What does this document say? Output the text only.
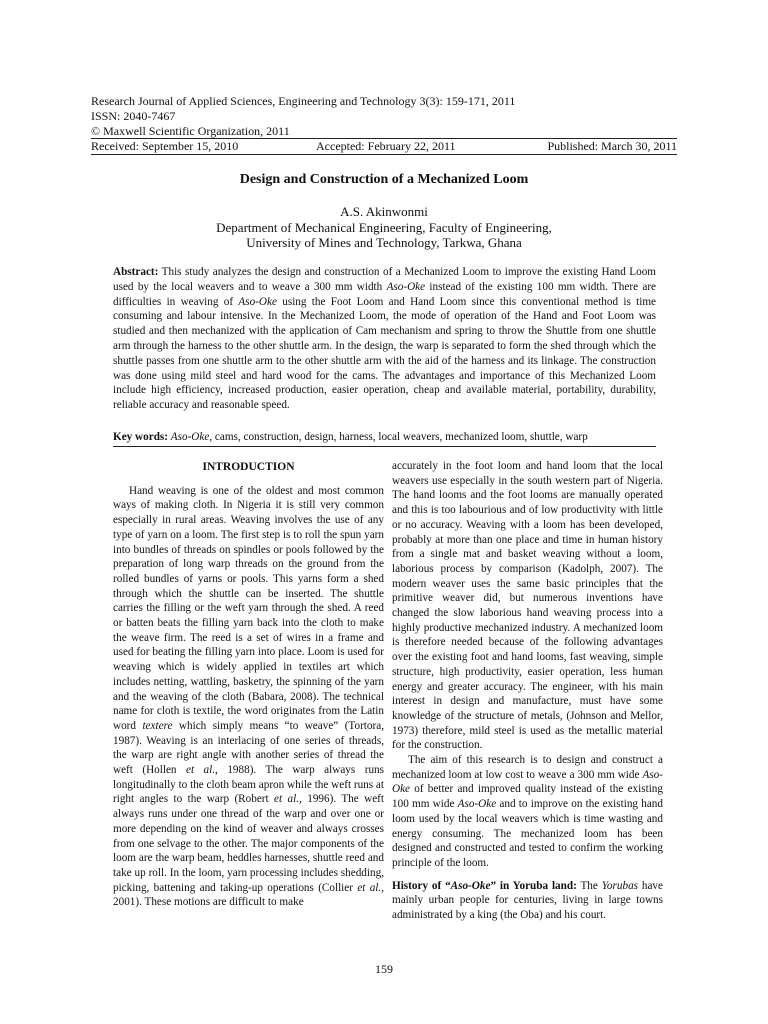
Research Journal of Applied Sciences, Engineering and Technology 3(3): 159-171, 2011
ISSN: 2040-7467
© Maxwell Scientific Organization, 2011
Received: September 15, 2010	Accepted: February 22, 2011	Published: March 30, 2011
Design and Construction of a Mechanized Loom
A.S. Akinwonmi
Department of Mechanical Engineering, Faculty of Engineering,
University of Mines and Technology, Tarkwa, Ghana
Abstract: This study analyzes the design and construction of a Mechanized Loom to improve the existing Hand Loom used by the local weavers and to weave a 300 mm width Aso-Oke instead of the existing 100 mm width. There are difficulties in weaving of Aso-Oke using the Foot Loom and Hand Loom since this conventional method is time consuming and labour intensive. In the Mechanized Loom, the mode of operation of the Hand and Foot Loom was studied and then mechanized with the application of Cam mechanism and spring to throw the Shuttle from one shuttle arm through the harness to the other shuttle arm. In the design, the warp is separated to form the shed through which the shuttle passes from one shuttle arm to the other shuttle arm with the aid of the harness and its linkage. The construction was done using mild steel and hard wood for the cams. The advantages and importance of this Mechanized Loom include high efficiency, increased production, easier operation, cheap and available material, portability, durability, reliable accuracy and reasonable speed.
Key words: Aso-Oke, cams, construction, design, harness, local weavers, mechanized loom, shuttle, warp
INTRODUCTION

Hand weaving is one of the oldest and most common ways of making cloth. In Nigeria it is still very common especially in rural areas. Weaving involves the use of any type of yarn on a loom. The first step is to roll the spun yarn into bundles of threads on spindles or pools followed by the preparation of long warp threads on the ground from the rolled bundles of yarns or pools. This yarns form a shed through which the shuttle can be inserted. The shuttle carries the filling or the weft yarn through the shed. A reed or batten beats the filling yarn back into the cloth to make the weave firm. The reed is a set of wires in a frame and used for beating the filling yarn into place. Loom is used for weaving which is widely applied in textiles art which includes netting, wattling, basketry, the spinning of the yarn and the weaving of the cloth (Babara, 2008). The technical name for cloth is textile, the word originates from the Latin word textere which simply means “to weave” (Tortora, 1987). Weaving is an interlacing of one series of threads, the warp are right angle with another series of thread the weft (Hollen et al., 1988). The warp always runs longitudinally to the cloth beam apron while the weft runs at right angles to the warp (Robert et al., 1996). The weft always runs under one thread of the warp and over one or more depending on the kind of weaver and always crosses from one selvage to the other. The major components of the loom are the warp beam, heddles harnesses, shuttle reed and take up roll. In the loom, yarn processing includes shedding, picking, battening and taking-up operations (Collier et al., 2001). These motions are difficult to make

accurately in the foot loom and hand loom that the local weavers use especially in the south western part of Nigeria. The hand looms and the foot looms are manually operated and this is too labourious and of low productivity with little or no accuracy. Weaving with a loom has been developed, probably at more than one place and time in human history from a single mat and basket weaving without a loom, laborious process by comparison (Kadolph, 2007). The modern weaver uses the same basic principles that the primitive weaver did, but numerous inventions have changed the slow laborious hand weaving process into a highly productive mechanized industry. A mechanized loom is therefore needed because of the following advantages over the existing foot and hand looms, fast weaving, simple structure, high productivity, easier operation, less human energy and greater accuracy. The engineer, with his main interest in design and manufacture, must have some knowledge of the structure of metals, (Johnson and Mellor, 1973) therefore, mild steel is used as the metallic material for the construction.

The aim of this research is to design and construct a mechanized loom at low cost to weave a 300 mm wide Aso-Oke of better and improved quality instead of the existing 100 mm wide Aso-Oke and to improve on the existing hand loom used by the local weavers which is time wasting and energy consuming. The mechanized loom has been designed and constructed and tested to confirm the working principle of the loom.

History of “Aso-Oke” in Yoruba land: The Yorubas have mainly urban people for centuries, living in large towns administrated by a king (the Oba) and his court.

159
